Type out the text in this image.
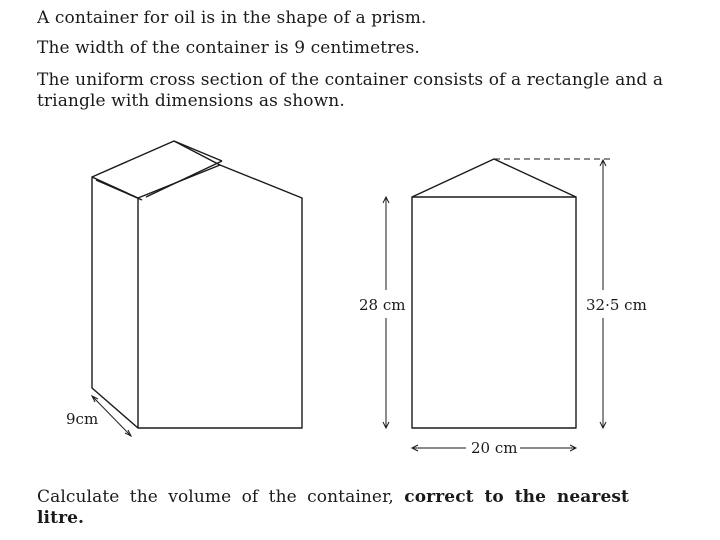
A container for oil is in the shape of a prism.
The width of the container is 9 centimetres.
The uniform cross section of the container consists of a rectangle and a
triangle with dimensions as shown.
9cm
28 cm	32·5 cm
20 cm
Calculate the volume of the container, correct to the nearest
litre.
